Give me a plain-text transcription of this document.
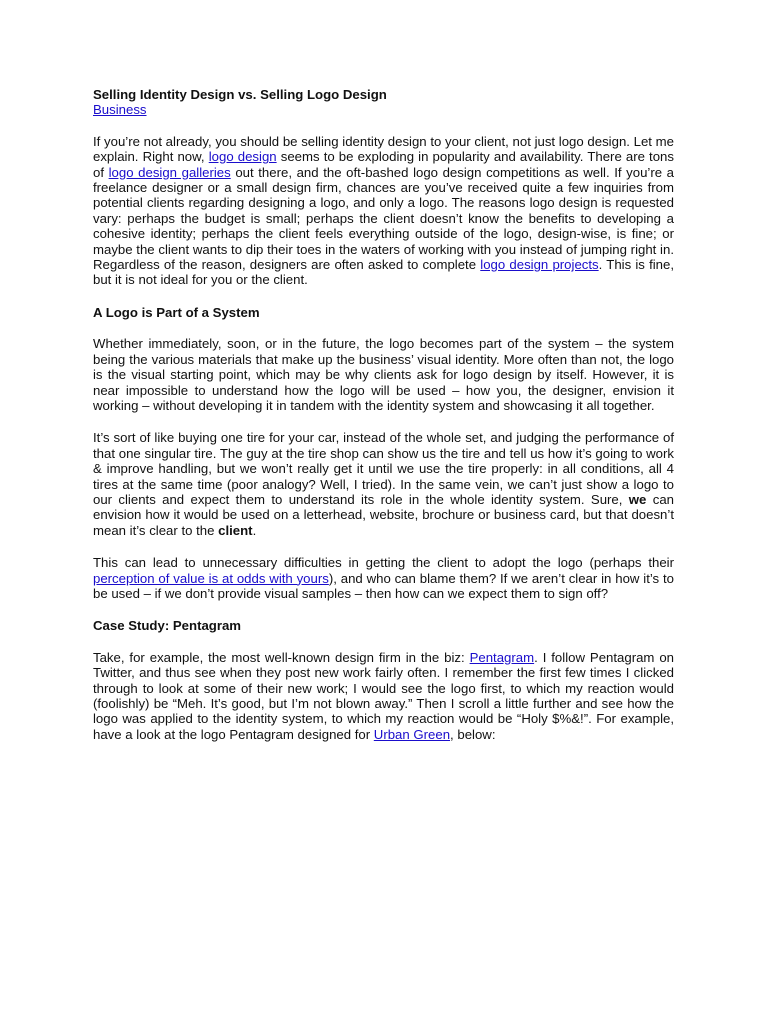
Selling Identity Design vs. Selling Logo Design
Business

If you’re not already, you should be selling identity design to your client, not just logo design. Let me explain. Right now, logo design seems to be exploding in popularity and availability. There are tons of logo design galleries out there, and the oft-bashed logo design competitions as well. If you’re a freelance designer or a small design firm, chances are you’ve received quite a few inquiries from potential clients regarding designing a logo, and only a logo. The reasons logo design is requested vary: perhaps the budget is small; perhaps the client doesn’t know the benefits to developing a cohesive identity; perhaps the client feels everything outside of the logo, design-wise, is fine; or maybe the client wants to dip their toes in the waters of working with you instead of jumping right in. Regardless of the reason, designers are often asked to complete logo design projects. This is fine, but it is not ideal for you or the client.

A Logo is Part of a System

Whether immediately, soon, or in the future, the logo becomes part of the system – the system being the various materials that make up the business’ visual identity. More often than not, the logo is the visual starting point, which may be why clients ask for logo design by itself. However, it is near impossible to understand how the logo will be used – how you, the designer, envision it working – without developing it in tandem with the identity system and showcasing it all together.

It’s sort of like buying one tire for your car, instead of the whole set, and judging the performance of that one singular tire. The guy at the tire shop can show us the tire and tell us how it’s going to work & improve handling, but we won’t really get it until we use the tire properly: in all conditions, all 4 tires at the same time (poor analogy? Well, I tried). In the same vein, we can’t just show a logo to our clients and expect them to understand its role in the whole identity system. Sure, we can envision how it would be used on a letterhead, website, brochure or business card, but that doesn’t mean it’s clear to the client.

This can lead to unnecessary difficulties in getting the client to adopt the logo (perhaps their perception of value is at odds with yours), and who can blame them? If we aren’t clear in how it’s to be used – if we don’t provide visual samples – then how can we expect them to sign off?

Case Study: Pentagram

Take, for example, the most well-known design firm in the biz: Pentagram. I follow Pentagram on Twitter, and thus see when they post new work fairly often. I remember the first few times I clicked through to look at some of their new work; I would see the logo first, to which my reaction would (foolishly) be “Meh. It’s good, but I’m not blown away.” Then I scroll a little further and see how the logo was applied to the identity system, to which my reaction would be “Holy $%&!”. For example, have a look at the logo Pentagram designed for Urban Green, below:
